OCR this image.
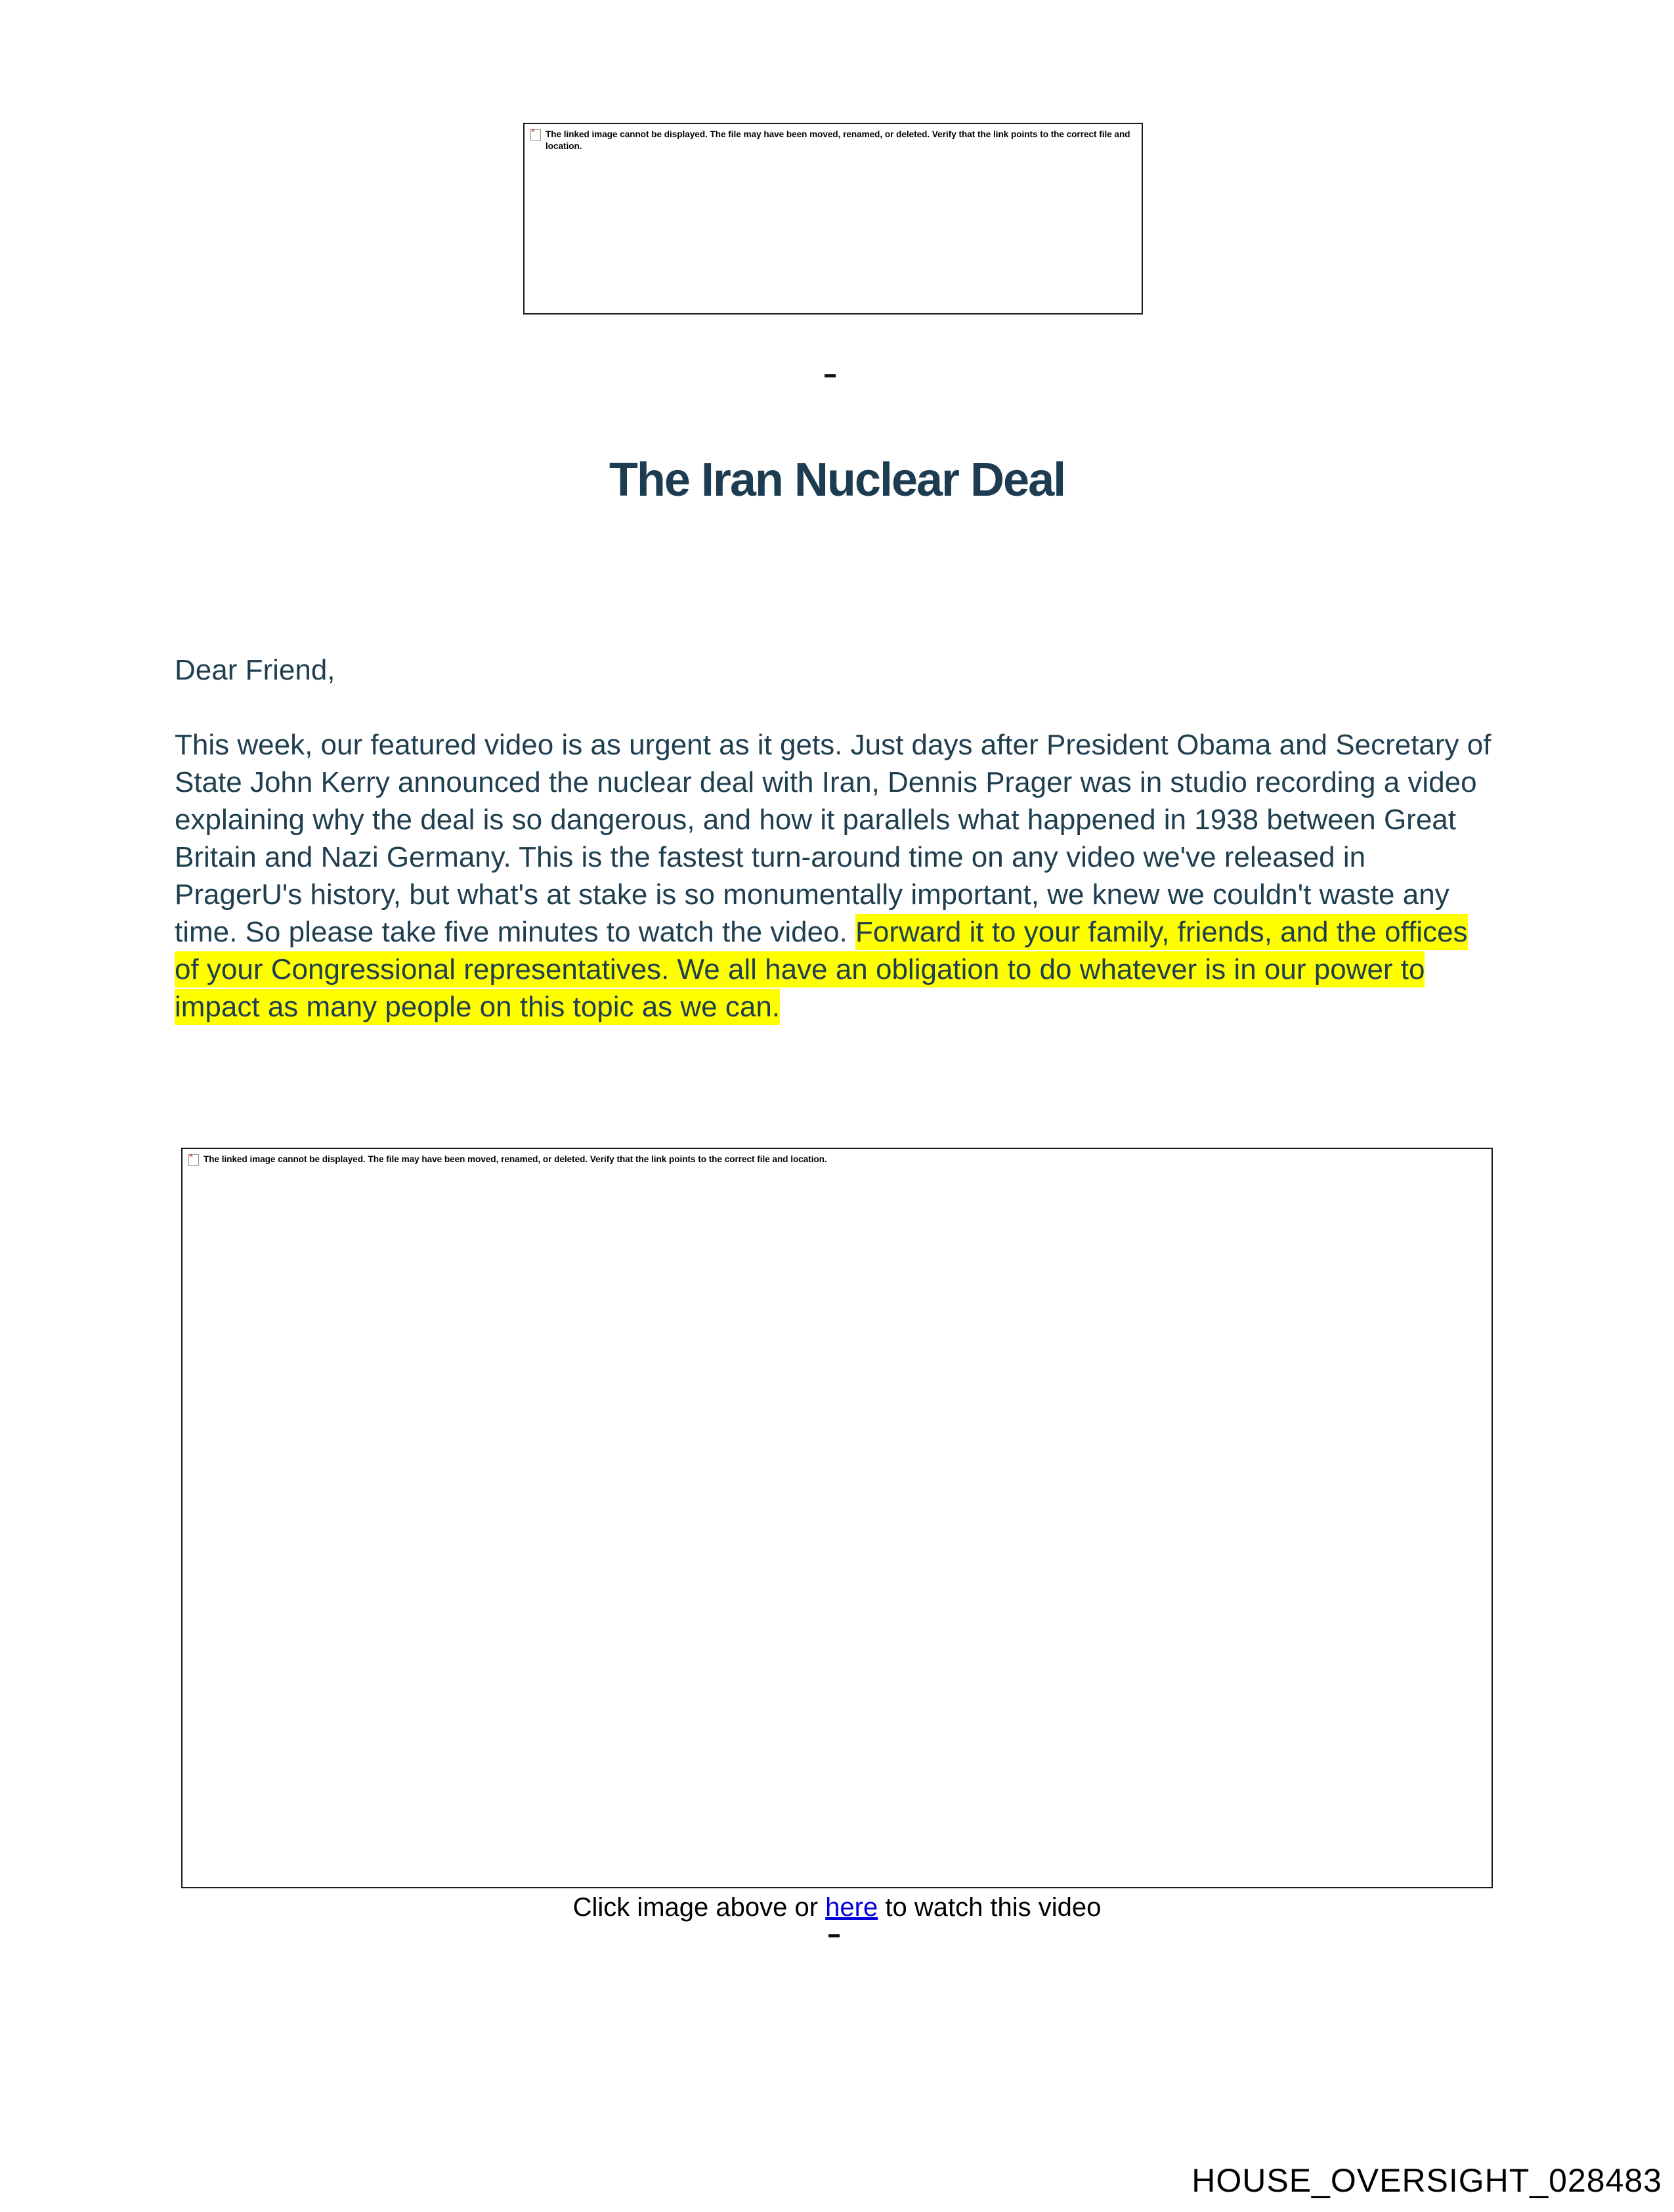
× The linked image cannot be displayed. The file may have been moved, renamed, or deleted. Verify that the link points to the correct file and location.
The Iran Nuclear Deal
Dear Friend,

This week, our featured video is as urgent as it gets. Just days after President Obama and Secretary of State John Kerry announced the nuclear deal with Iran, Dennis Prager was in studio recording a video explaining why the deal is so dangerous, and how it parallels what happened in 1938 between Great Britain and Nazi Germany. This is the fastest turn-around time on any video we've released in PragerU's history, but what's at stake is so monumentally important, we knew we couldn't waste any time. So please take five minutes to watch the video. Forward it to your family, friends, and the offices of your Congressional representatives. We all have an obligation to do whatever is in our power to impact as many people on this topic as we can.

× The linked image cannot be displayed. The file may have been moved, renamed, or deleted. Verify that the link points to the correct file and location.
Click image above or here to watch this video
HOUSE_OVERSIGHT_028483
